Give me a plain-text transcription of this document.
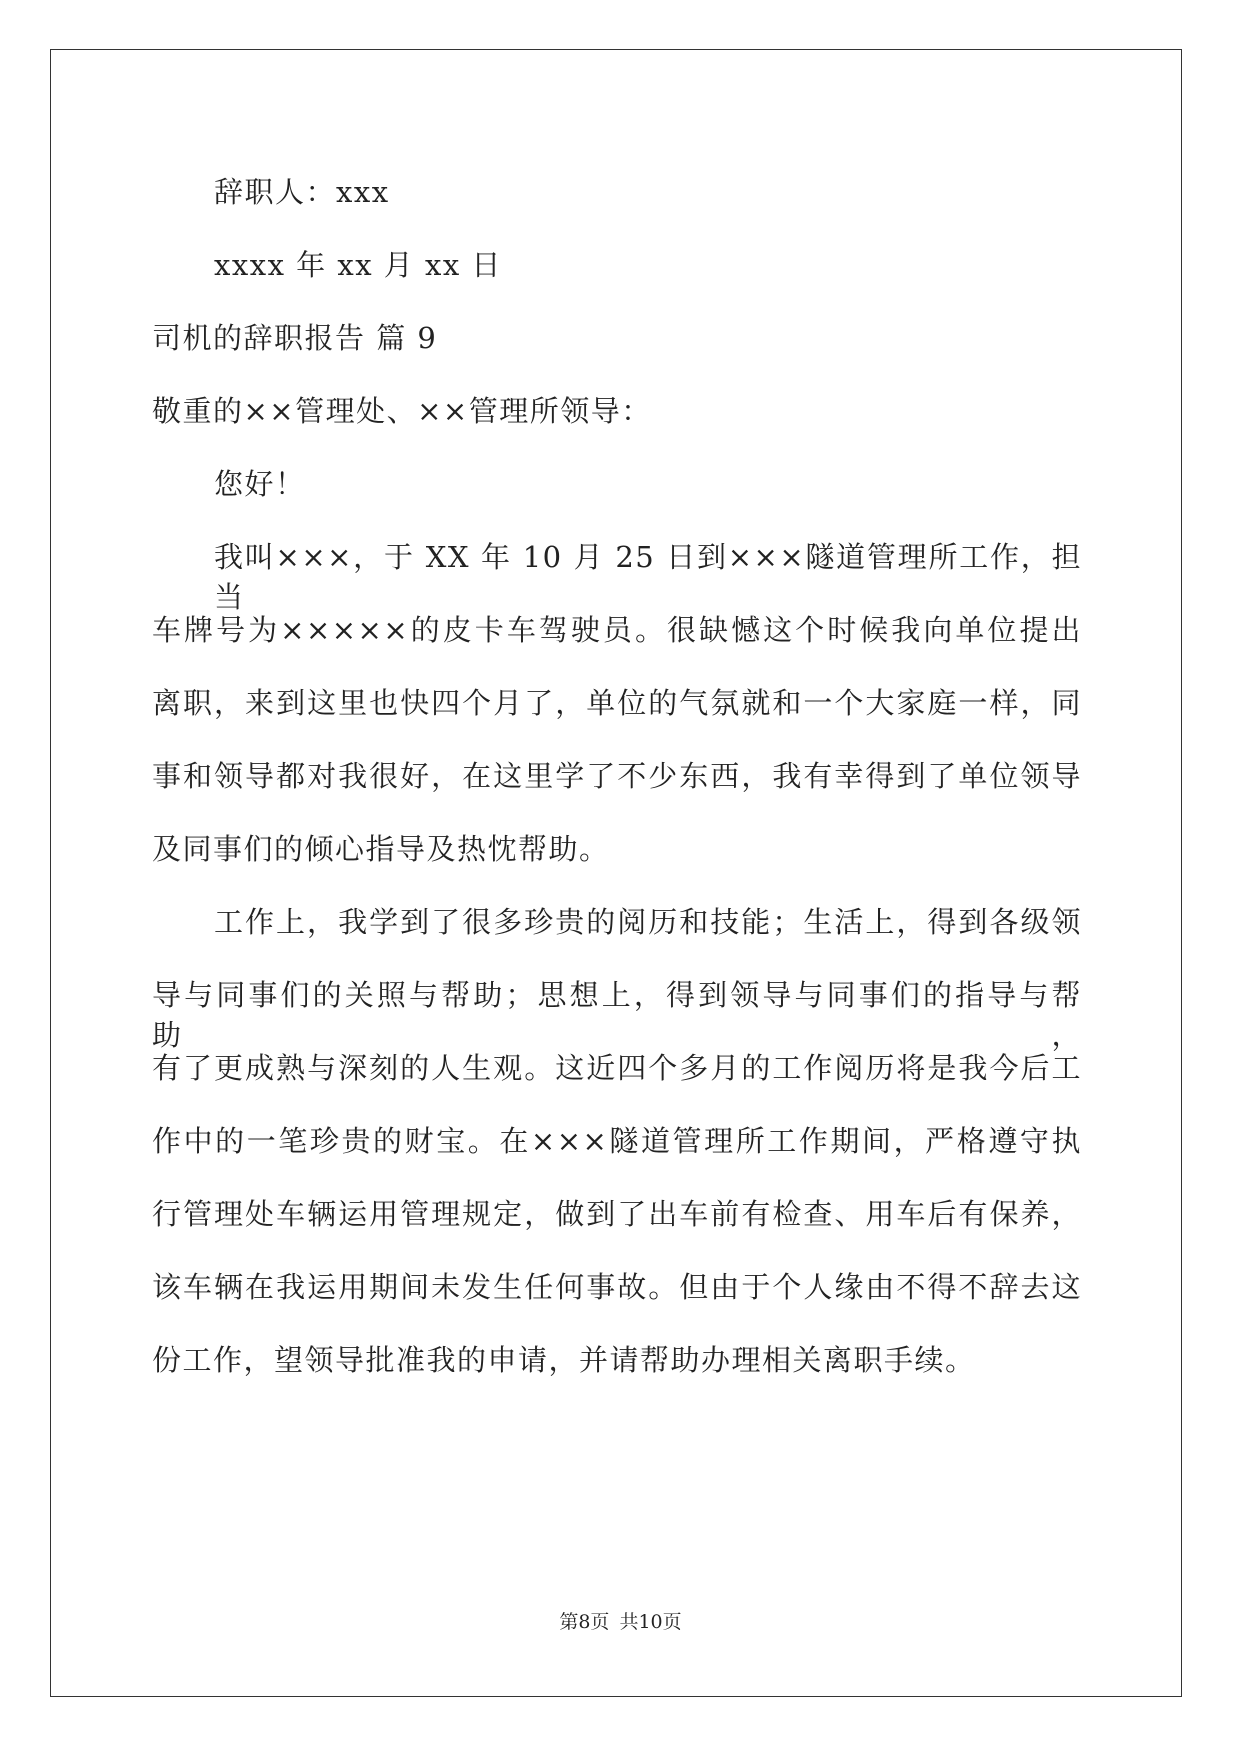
辞职人：xxx
xxxx 年 xx 月 xx 日
司机的辞职报告 篇 9
敬重的××管理处、××管理所领导：
您好！
我叫×××，于 XX 年 10 月 25 日到×××隧道管理所工作，担当
车牌号为×××××的皮卡车驾驶员。很缺憾这个时候我向单位提出
离职，来到这里也快四个月了，单位的气氛就和一个大家庭一样，同
事和领导都对我很好，在这里学了不少东西，我有幸得到了单位领导
及同事们的倾心指导及热忱帮助。
工作上，我学到了很多珍贵的阅历和技能；生活上，得到各级领
导与同事们的关照与帮助；思想上，得到领导与同事们的指导与帮助，
有了更成熟与深刻的人生观。这近四个多月的工作阅历将是我今后工
作中的一笔珍贵的财宝。在×××隧道管理所工作期间，严格遵守执
行管理处车辆运用管理规定，做到了出车前有检查、用车后有保养，
该车辆在我运用期间未发生任何事故。但由于个人缘由不得不辞去这
份工作，望领导批准我的申请，并请帮助办理相关离职手续。
第8页 共10页
